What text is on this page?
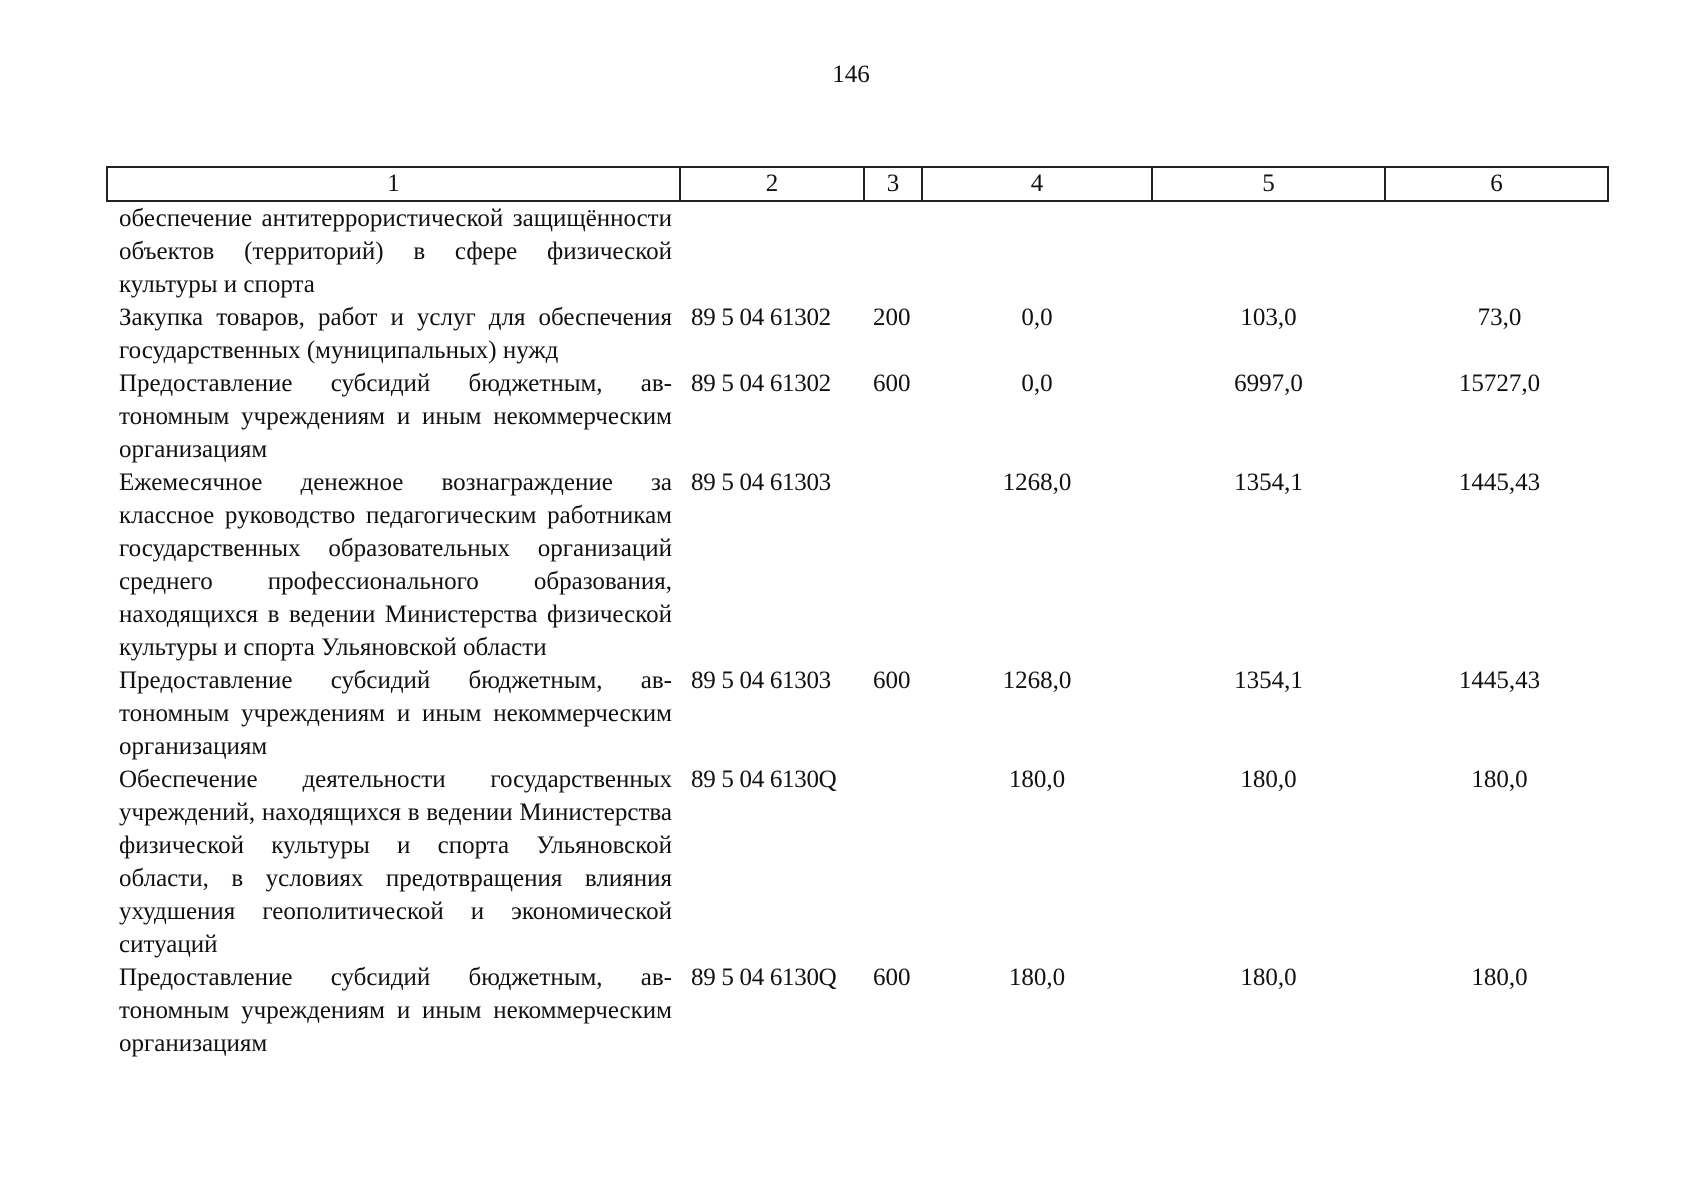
146
1	2	3	4	5	6
обеспечение антитеррористической защищённости объектов (территорий) в сфере физической культуры и спорта					
Закупка товаров, работ и услуг для обеспечения государственных (муниципальных) нужд	89 5 04 61302	200	0,0	103,0	73,0
Предоставление субсидий бюджетным, автономным учреждениям и иным некоммерческим организациям	89 5 04 61302	600	0,0	6997,0	15727,0
Ежемесячное денежное вознаграждение за классное руководство педагогическим работникам государственных образовательных организаций среднего профессионального образования, находящихся в ведении Министерства физической культуры и спорта Ульяновской области	89 5 04 61303		1268,0	1354,1	1445,43
Предоставление субсидий бюджетным, автономным учреждениям и иным некоммерческим организациям	89 5 04 61303	600	1268,0	1354,1	1445,43
Обеспечение деятельности государственных учреждений, находящихся в ведении Министерства физической культуры и спорта Ульяновской области, в условиях предотвращения влияния ухудшения геополитической и экономической ситуаций	89 5 04 6130Q		180,0	180,0	180,0
Предоставление субсидий бюджетным, автономным учреждениям и иным некоммерческим организациям	89 5 04 6130Q	600	180,0	180,0	180,0
